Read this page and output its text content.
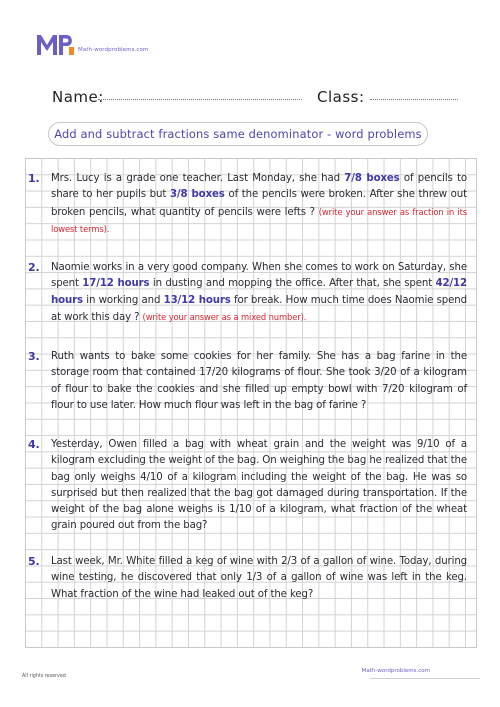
Math-wordproblems.com
Name:	Class:
Add and subtract fractions same denominator - word problems
1. Mrs. Lucy is a grade one teacher. Last Monday, she had 7/8 boxes of pencils to share to her pupils but 3/8 boxes of the pencils were broken. After she threw out broken pencils, what quantity of pencils were lefts ? (write your answer as fraction in its lowest terms).
2. Naomie works in a very good company. When she comes to work on Saturday, she spent 17/12 hours in dusting and mopping the office. After that, she spent 42/12 hours in working and 13/12 hours for break. How much time does Naomie spend at work this day ? (write your answer as a mixed number).
3. Ruth wants to bake some cookies for her family. She has a bag farine in the storage room that contained 17/20 kilograms of flour. She took 3/20 of a kilogram of flour to bake the cookies and she filled up empty bowl with 7/20 kilogram of flour to use later. How much flour was left in the bag of farine ?
4. Yesterday, Owen filled a bag with wheat grain and the weight was 9/10 of a kilogram excluding the weight of the bag. On weighing the bag he realized that the bag only weighs 4/10 of a kilogram including the weight of the bag. He was so surprised but then realized that the bag got damaged during transportation. If the weight of the bag alone weighs is 1/10 of a kilogram, what fraction of the wheat grain poured out from the bag?
5. Last week, Mr. White filled a keg of wine with 2/3 of a gallon of wine. Today, during wine testing, he discovered that only 1/3 of a gallon of wine was left in the keg. What fraction of the wine had leaked out of the keg?
Math-wordproblems.com
All rights reserved
